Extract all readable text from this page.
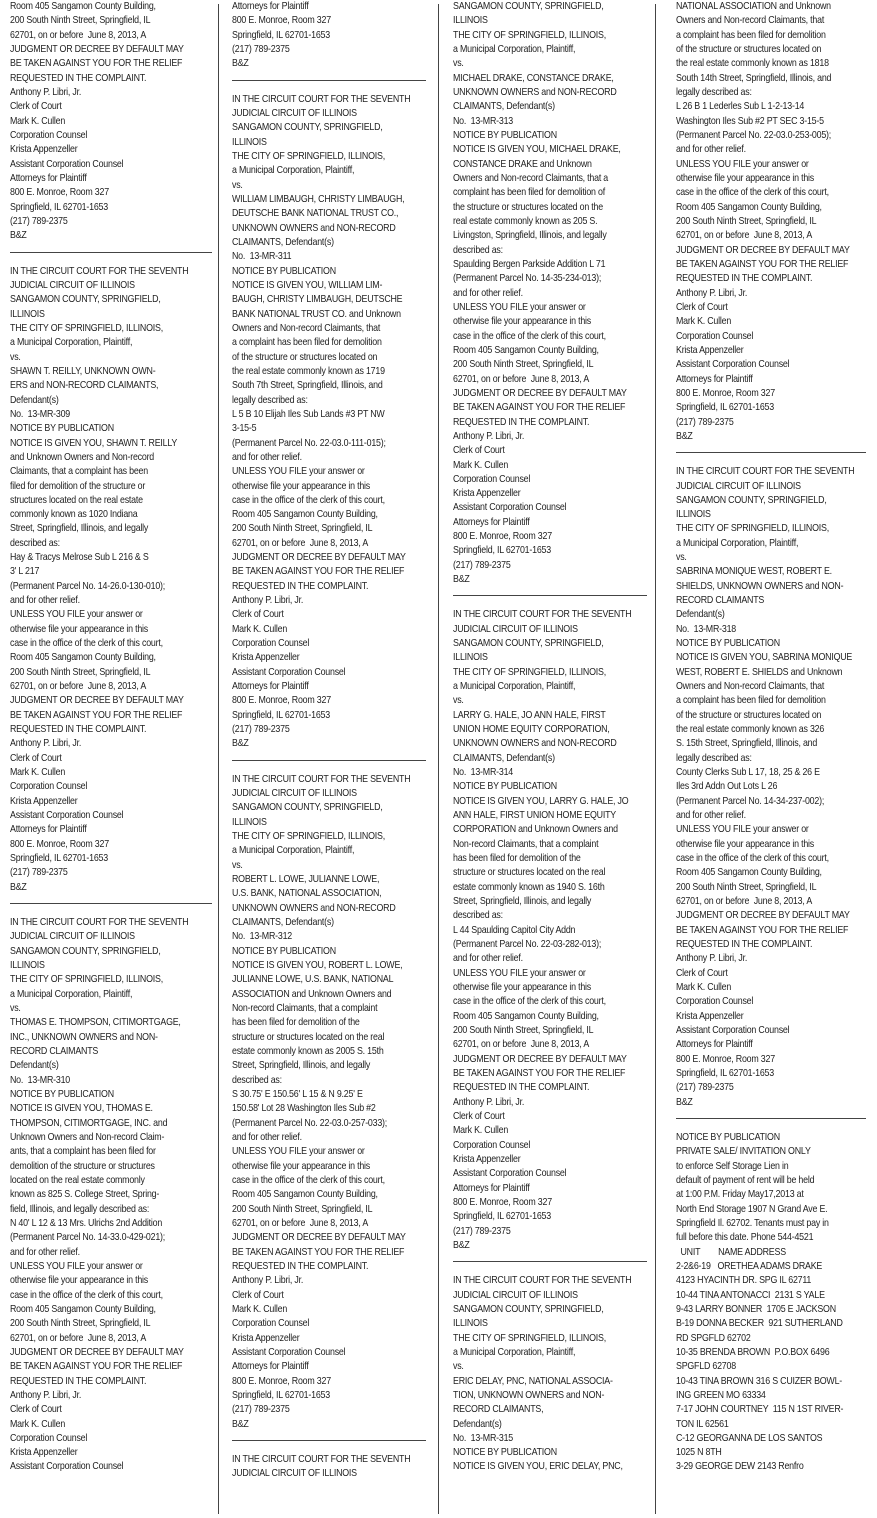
Room 405 Sangamon County Building,
200 South Ninth Street, Springfield, IL
62701, on or before  June 8, 2013, A
JUDGMENT OR DECREE BY DEFAULT MAY
BE TAKEN AGAINST YOU FOR THE RELIEF
REQUESTED IN THE COMPLAINT.
Anthony P. Libri, Jr.
Clerk of Court
Mark K. Cullen
Corporation Counsel
Krista Appenzeller
Assistant Corporation Counsel
Attorneys for Plaintiff
800 E. Monroe, Room 327
Springfield, IL 62701-1653
(217) 789-2375
B&Z
IN THE CIRCUIT COURT FOR THE SEVENTH
JUDICIAL CIRCUIT OF ILLINOIS
SANGAMON COUNTY, SPRINGFIELD,
ILLINOIS
THE CITY OF SPRINGFIELD, ILLINOIS,
a Municipal Corporation, Plaintiff,
vs.
SHAWN T. REILLY, UNKNOWN OWN-
ERS and NON-RECORD CLAIMANTS,
Defendant(s)
No.  13-MR-309
NOTICE BY PUBLICATION
NOTICE IS GIVEN YOU, SHAWN T. REILLY
and Unknown Owners and Non-record
Claimants, that a complaint has been
filed for demolition of the structure or
structures located on the real estate
commonly known as 1020 Indiana
Street, Springfield, Illinois, and legally
described as:
Hay & Tracys Melrose Sub L 216 & S
3' L 217
(Permanent Parcel No. 14-26.0-130-010);
and for other relief.
UNLESS YOU FILE your answer or
otherwise file your appearance in this
case in the office of the clerk of this court,
Room 405 Sangamon County Building,
200 South Ninth Street, Springfield, IL
62701, on or before  June 8, 2013, A
JUDGMENT OR DECREE BY DEFAULT MAY
BE TAKEN AGAINST YOU FOR THE RELIEF
REQUESTED IN THE COMPLAINT.
Anthony P. Libri, Jr.
Clerk of Court
Mark K. Cullen
Corporation Counsel
Krista Appenzeller
Assistant Corporation Counsel
Attorneys for Plaintiff
800 E. Monroe, Room 327
Springfield, IL 62701-1653
(217) 789-2375
B&Z
IN THE CIRCUIT COURT FOR THE SEVENTH
JUDICIAL CIRCUIT OF ILLINOIS
SANGAMON COUNTY, SPRINGFIELD,
ILLINOIS
THE CITY OF SPRINGFIELD, ILLINOIS,
a Municipal Corporation, Plaintiff,
vs.
THOMAS E. THOMPSON, CITIMORTGAGE,
INC., UNKNOWN OWNERS and NON-
RECORD CLAIMANTS
Defendant(s)
No.  13-MR-310
NOTICE BY PUBLICATION
NOTICE IS GIVEN YOU, THOMAS E.
THOMPSON, CITIMORTGAGE, INC. and
Unknown Owners and Non-record Claim-
ants, that a complaint has been filed for
demolition of the structure or structures
located on the real estate commonly
known as 825 S. College Street, Spring-
field, Illinois, and legally described as:
N 40' L 12 & 13 Mrs. Ulrichs 2nd Addition
(Permanent Parcel No. 14-33.0-429-021);
and for other relief.
UNLESS YOU FILE your answer or
otherwise file your appearance in this
case in the office of the clerk of this court,
Room 405 Sangamon County Building,
200 South Ninth Street, Springfield, IL
62701, on or before  June 8, 2013, A
JUDGMENT OR DECREE BY DEFAULT MAY
BE TAKEN AGAINST YOU FOR THE RELIEF
REQUESTED IN THE COMPLAINT.
Anthony P. Libri, Jr.
Clerk of Court
Mark K. Cullen
Corporation Counsel
Krista Appenzeller
Assistant Corporation Counsel
Attorneys for Plaintiff
800 E. Monroe, Room 327
Springfield, IL 62701-1653
(217) 789-2375
B&Z
IN THE CIRCUIT COURT FOR THE SEVENTH
JUDICIAL CIRCUIT OF ILLINOIS
SANGAMON COUNTY, SPRINGFIELD,
ILLINOIS
THE CITY OF SPRINGFIELD, ILLINOIS,
a Municipal Corporation, Plaintiff,
vs.
WILLIAM LIMBAUGH, CHRISTY LIMBAUGH,
DEUTSCHE BANK NATIONAL TRUST CO.,
UNKNOWN OWNERS and NON-RECORD
CLAIMANTS, Defendant(s)
No.  13-MR-311
NOTICE BY PUBLICATION
NOTICE IS GIVEN YOU, WILLIAM LIM-
BAUGH, CHRISTY LIMBAUGH, DEUTSCHE
BANK NATIONAL TRUST CO. and Unknown
Owners and Non-record Claimants, that
a complaint has been filed for demolition
of the structure or structures located on
the real estate commonly known as 1719
South 7th Street, Springfield, Illinois, and
legally described as:
L 5 B 10 Elijah Iles Sub Lands #3 PT NW
3-15-5
(Permanent Parcel No. 22-03.0-111-015);
and for other relief.
UNLESS YOU FILE your answer or
otherwise file your appearance in this
case in the office of the clerk of this court,
Room 405 Sangamon County Building,
200 South Ninth Street, Springfield, IL
62701, on or before  June 8, 2013, A
JUDGMENT OR DECREE BY DEFAULT MAY
BE TAKEN AGAINST YOU FOR THE RELIEF
REQUESTED IN THE COMPLAINT.
Anthony P. Libri, Jr.
Clerk of Court
Mark K. Cullen
Corporation Counsel
Krista Appenzeller
Assistant Corporation Counsel
Attorneys for Plaintiff
800 E. Monroe, Room 327
Springfield, IL 62701-1653
(217) 789-2375
B&Z
IN THE CIRCUIT COURT FOR THE SEVENTH
JUDICIAL CIRCUIT OF ILLINOIS
SANGAMON COUNTY, SPRINGFIELD,
ILLINOIS
THE CITY OF SPRINGFIELD, ILLINOIS,
a Municipal Corporation, Plaintiff,
vs.
ROBERT L. LOWE, JULIANNE LOWE,
U.S. BANK, NATIONAL ASSOCIATION,
UNKNOWN OWNERS and NON-RECORD
CLAIMANTS, Defendant(s)
No.  13-MR-312
NOTICE BY PUBLICATION
NOTICE IS GIVEN YOU, ROBERT L. LOWE,
JULIANNE LOWE, U.S. BANK, NATIONAL
ASSOCIATION and Unknown Owners and
Non-record Claimants, that a complaint
has been filed for demolition of the
structure or structures located on the real
estate commonly known as 2005 S. 15th
Street, Springfield, Illinois, and legally
described as:
S 30.75' E 150.56' L 15 & N 9.25' E
150.58' Lot 28 Washington Iles Sub #2
(Permanent Parcel No. 22-03.0-257-033);
and for other relief.
UNLESS YOU FILE your answer or
otherwise file your appearance in this
case in the office of the clerk of this court,
Room 405 Sangamon County Building,
200 South Ninth Street, Springfield, IL
62701, on or before  June 8, 2013, A
JUDGMENT OR DECREE BY DEFAULT MAY
BE TAKEN AGAINST YOU FOR THE RELIEF
REQUESTED IN THE COMPLAINT.
Anthony P. Libri, Jr.
Clerk of Court
Mark K. Cullen
Corporation Counsel
Krista Appenzeller
Assistant Corporation Counsel
Attorneys for Plaintiff
800 E. Monroe, Room 327
Springfield, IL 62701-1653
(217) 789-2375
B&Z
IN THE CIRCUIT COURT FOR THE SEVENTH
JUDICIAL CIRCUIT OF ILLINOIS
SANGAMON COUNTY, SPRINGFIELD,
ILLINOIS
THE CITY OF SPRINGFIELD, ILLINOIS,
a Municipal Corporation, Plaintiff,
vs.
MICHAEL DRAKE, CONSTANCE DRAKE,
UNKNOWN OWNERS and NON-RECORD
CLAIMANTS, Defendant(s)
No.  13-MR-313
NOTICE BY PUBLICATION
NOTICE IS GIVEN YOU, MICHAEL DRAKE,
CONSTANCE DRAKE and Unknown
Owners and Non-record Claimants, that a
complaint has been filed for demolition of
the structure or structures located on the
real estate commonly known as 205 S.
Livingston, Springfield, Illinois, and legally
described as:
Spaulding Bergen Parkside Addition L 71
(Permanent Parcel No. 14-35-234-013);
and for other relief.
UNLESS YOU FILE your answer or
otherwise file your appearance in this
case in the office of the clerk of this court,
Room 405 Sangamon County Building,
200 South Ninth Street, Springfield, IL
62701, on or before  June 8, 2013, A
JUDGMENT OR DECREE BY DEFAULT MAY
BE TAKEN AGAINST YOU FOR THE RELIEF
REQUESTED IN THE COMPLAINT.
Anthony P. Libri, Jr.
Clerk of Court
Mark K. Cullen
Corporation Counsel
Krista Appenzeller
Assistant Corporation Counsel
Attorneys for Plaintiff
800 E. Monroe, Room 327
Springfield, IL 62701-1653
(217) 789-2375
B&Z
IN THE CIRCUIT COURT FOR THE SEVENTH
JUDICIAL CIRCUIT OF ILLINOIS
SANGAMON COUNTY, SPRINGFIELD,
ILLINOIS
THE CITY OF SPRINGFIELD, ILLINOIS,
a Municipal Corporation, Plaintiff,
vs.
LARRY G. HALE, JO ANN HALE, FIRST
UNION HOME EQUITY CORPORATION,
UNKNOWN OWNERS and NON-RECORD
CLAIMANTS, Defendant(s)
No.  13-MR-314
NOTICE BY PUBLICATION
NOTICE IS GIVEN YOU, LARRY G. HALE, JO
ANN HALE, FIRST UNION HOME EQUITY
CORPORATION and Unknown Owners and
Non-record Claimants, that a complaint
has been filed for demolition of the
structure or structures located on the real
estate commonly known as 1940 S. 16th
Street, Springfield, Illinois, and legally
described as:
L 44 Spaulding Capitol City Addn
(Permanent Parcel No. 22-03-282-013);
and for other relief.
UNLESS YOU FILE your answer or
otherwise file your appearance in this
case in the office of the clerk of this court,
Room 405 Sangamon County Building,
200 South Ninth Street, Springfield, IL
62701, on or before  June 8, 2013, A
JUDGMENT OR DECREE BY DEFAULT MAY
BE TAKEN AGAINST YOU FOR THE RELIEF
REQUESTED IN THE COMPLAINT.
Anthony P. Libri, Jr.
Clerk of Court
Mark K. Cullen
Corporation Counsel
Krista Appenzeller
Assistant Corporation Counsel
Attorneys for Plaintiff
800 E. Monroe, Room 327
Springfield, IL 62701-1653
(217) 789-2375
B&Z
IN THE CIRCUIT COURT FOR THE SEVENTH
JUDICIAL CIRCUIT OF ILLINOIS
SANGAMON COUNTY, SPRINGFIELD,
ILLINOIS
THE CITY OF SPRINGFIELD, ILLINOIS,
a Municipal Corporation, Plaintiff,
vs.
ERIC DELAY, PNC, NATIONAL ASSOCIA-
TION, UNKNOWN OWNERS and NON-
RECORD CLAIMANTS,
Defendant(s)
No.  13-MR-315
NOTICE BY PUBLICATION
NOTICE IS GIVEN YOU, ERIC DELAY, PNC,
NATIONAL ASSOCIATION and Unknown
Owners and Non-record Claimants, that
a complaint has been filed for demolition
of the structure or structures located on
the real estate commonly known as 1818
South 14th Street, Springfield, Illinois, and
legally described as:
L 26 B 1 Lederles Sub L 1-2-13-14
Washington Iles Sub #2 PT SEC 3-15-5
(Permanent Parcel No. 22-03.0-253-005);
and for other relief.
UNLESS YOU FILE your answer or
otherwise file your appearance in this
case in the office of the clerk of this court,
Room 405 Sangamon County Building,
200 South Ninth Street, Springfield, IL
62701, on or before  June 8, 2013, A
JUDGMENT OR DECREE BY DEFAULT MAY
BE TAKEN AGAINST YOU FOR THE RELIEF
REQUESTED IN THE COMPLAINT.
Anthony P. Libri, Jr.
Clerk of Court
Mark K. Cullen
Corporation Counsel
Krista Appenzeller
Assistant Corporation Counsel
Attorneys for Plaintiff
800 E. Monroe, Room 327
Springfield, IL 62701-1653
(217) 789-2375
B&Z
IN THE CIRCUIT COURT FOR THE SEVENTH
JUDICIAL CIRCUIT OF ILLINOIS
SANGAMON COUNTY, SPRINGFIELD,
ILLINOIS
THE CITY OF SPRINGFIELD, ILLINOIS,
a Municipal Corporation, Plaintiff,
vs.
SABRINA MONIQUE WEST, ROBERT E.
SHIELDS, UNKNOWN OWNERS and NON-
RECORD CLAIMANTS
Defendant(s)
No.  13-MR-318
NOTICE BY PUBLICATION
NOTICE IS GIVEN YOU, SABRINA MONIQUE
WEST, ROBERT E. SHIELDS and Unknown
Owners and Non-record Claimants, that
a complaint has been filed for demolition
of the structure or structures located on
the real estate commonly known as 326
S. 15th Street, Springfield, Illinois, and
legally described as:
County Clerks Sub L 17, 18, 25 & 26 E
Iles 3rd Addn Out Lots L 26
(Permanent Parcel No. 14-34-237-002);
and for other relief.
UNLESS YOU FILE your answer or
otherwise file your appearance in this
case in the office of the clerk of this court,
Room 405 Sangamon County Building,
200 South Ninth Street, Springfield, IL
62701, on or before  June 8, 2013, A
JUDGMENT OR DECREE BY DEFAULT MAY
BE TAKEN AGAINST YOU FOR THE RELIEF
REQUESTED IN THE COMPLAINT.
Anthony P. Libri, Jr.
Clerk of Court
Mark K. Cullen
Corporation Counsel
Krista Appenzeller
Assistant Corporation Counsel
Attorneys for Plaintiff
800 E. Monroe, Room 327
Springfield, IL 62701-1653
(217) 789-2375
B&Z
NOTICE BY PUBLICATION
PRIVATE SALE/ INVITATION ONLY
to enforce Self Storage Lien in
default of payment of rent will be held
at 1:00 P.M. Friday May17,2013 at
North End Storage 1907 N Grand Ave E.
Springfield Il. 62702. Tenants must pay in
full before this date. Phone 544-4521
UNIT        NAME ADDRESS
2-2&6-19   ORETHEA ADAMS DRAKE
4123 HYACINTH DR. SPG IL 62711
10-44 TINA ANTONACCI  2131 S YALE
9-43 LARRY BONNER  1705 E JACKSON
B-19 DONNA BECKER  921 SUTHERLAND
RD SPGFLD 62702
10-35 BRENDA BROWN  P.O.BOX 6496
SPGFLD 62708
10-43 TINA BROWN 316 S CUIZER BOWL-
ING GREEN MO 63334
7-17 JOHN COURTNEY  115 N 1ST RIVER-
TON IL 62561
C-12 GEORGANNA DE LOS SANTOS
1025 N 8TH
3-29 GEORGE DEW 2143 Renfro
